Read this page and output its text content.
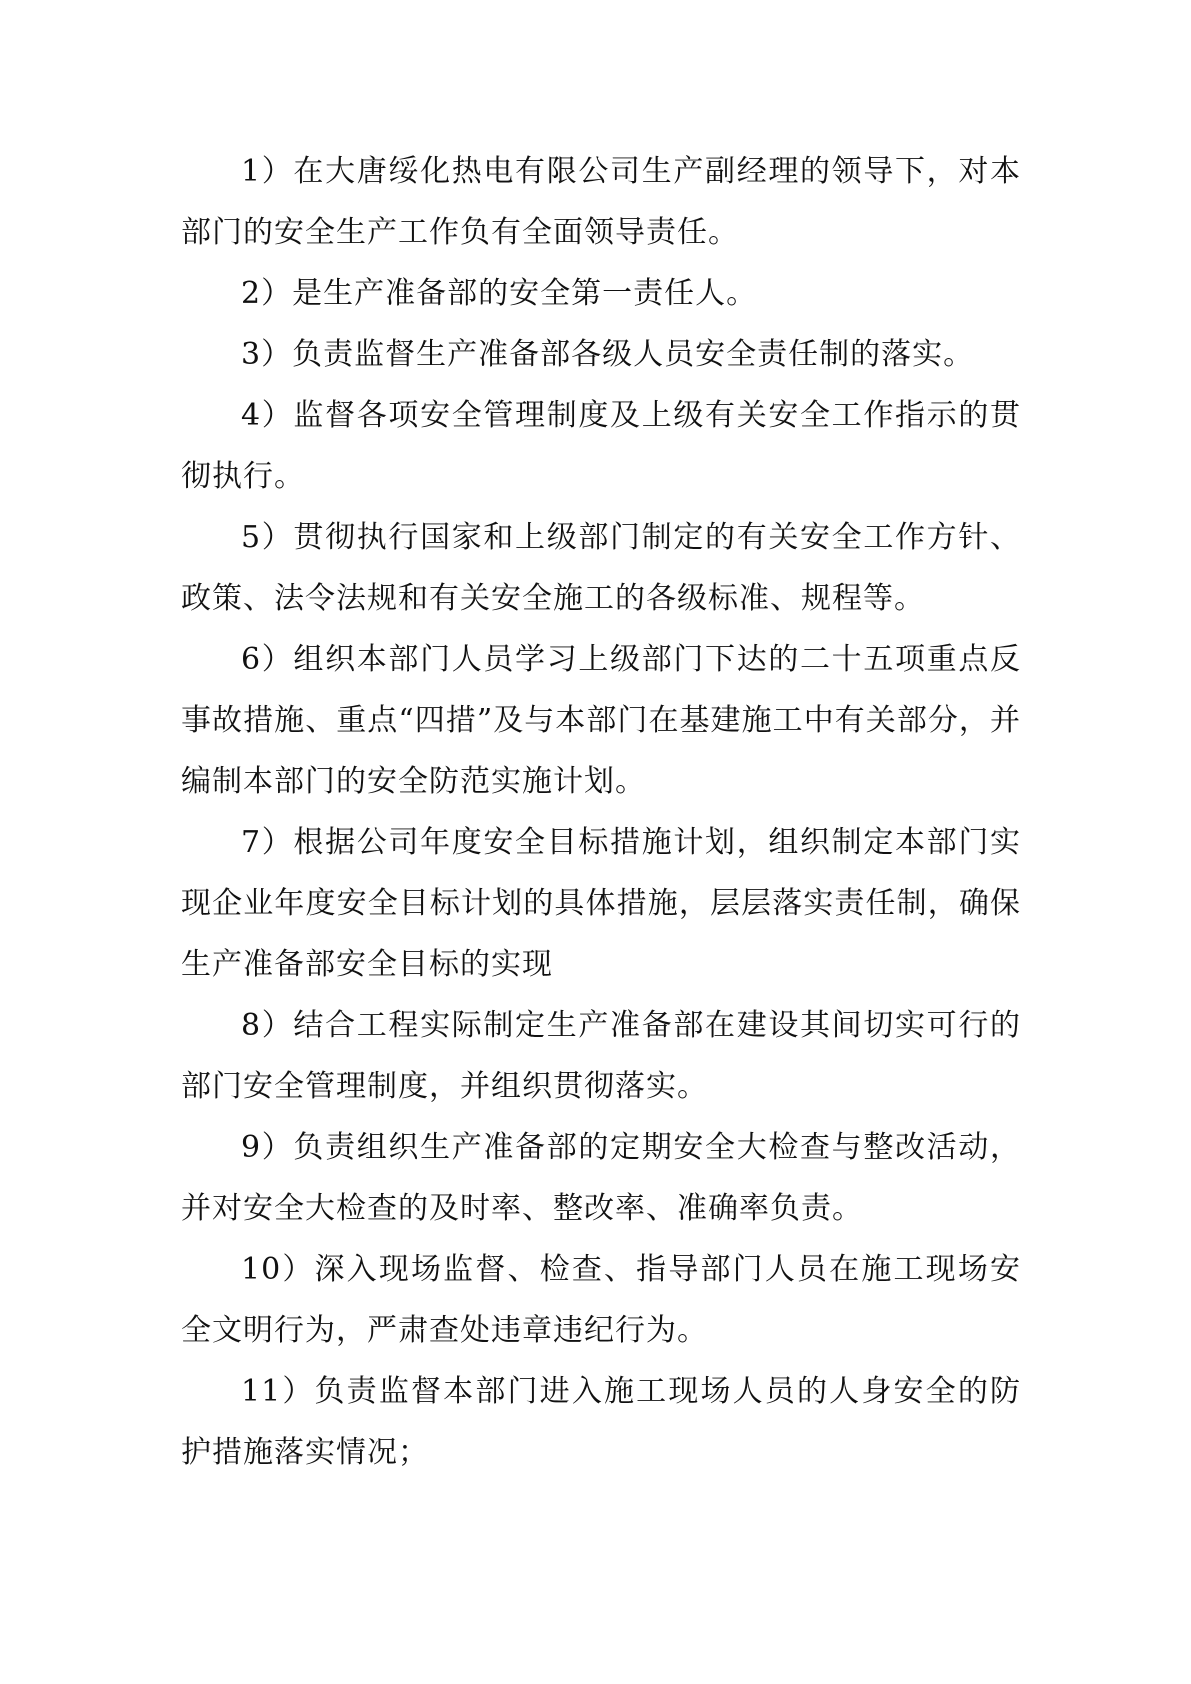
1）在大唐绥化热电有限公司生产副经理的领导下，对本部门的安全生产工作负有全面领导责任。

2）是生产准备部的安全第一责任人。

3）负责监督生产准备部各级人员安全责任制的落实。

4）监督各项安全管理制度及上级有关安全工作指示的贯彻执行。

5）贯彻执行国家和上级部门制定的有关安全工作方针、政策、法令法规和有关安全施工的各级标准、规程等。

6）组织本部门人员学习上级部门下达的二十五项重点反事故措施、重点“四措”及与本部门在基建施工中有关部分，并编制本部门的安全防范实施计划。

7）根据公司年度安全目标措施计划，组织制定本部门实现企业年度安全目标计划的具体措施，层层落实责任制，确保生产准备部安全目标的实现

8）结合工程实际制定生产准备部在建设其间切实可行的部门安全管理制度，并组织贯彻落实。

9）负责组织生产准备部的定期安全大检查与整改活动，并对安全大检查的及时率、整改率、准确率负责。

10）深入现场监督、检查、指导部门人员在施工现场安全文明行为，严肃查处违章违纪行为。

11）负责监督本部门进入施工现场人员的人身安全的防护措施落实情况；
